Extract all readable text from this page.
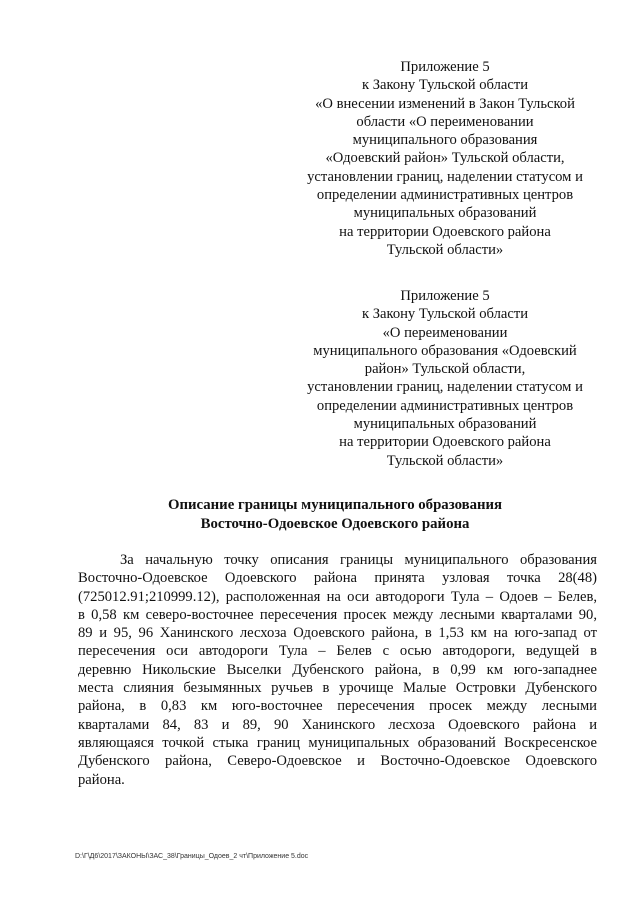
Приложение 5
к Закону Тульской области
«О внесении изменений в Закон Тульской
области «О переименовании
муниципального образования
«Одоевский район» Тульской области,
установлении границ, наделении статусом и
определении административных центров
муниципальных образований
на территории Одоевского района
Тульской области»
Приложение 5
к Закону Тульской области
«О переименовании
муниципального образования «Одоевский
район» Тульской области,
установлении границ, наделении статусом и
определении административных центров
муниципальных образований
на территории Одоевского района
Тульской области»
Описание границы муниципального образования
Восточно-Одоевское Одоевского района
За начальную точку описания границы муниципального образования
Восточно-Одоевское Одоевского района принята узловая точка 28(48)
(725012.91;210999.12), расположенная на оси автодороги Тула – Одоев – Белев,
в 0,58 км северо-восточнее пересечения просек между лесными кварталами 90,
89 и 95, 96 Ханинского лесхоза Одоевского района, в 1,53 км на юго-запад от
пересечения оси автодороги Тула – Белев с осью автодороги, ведущей в
деревню Никольские Выселки Дубенского района, в 0,99 км юго-западнее
места слияния безымянных ручьев в урочище Малые Островки Дубенского
района, в 0,83 км юго-восточнее пересечения просек между лесными
кварталами 84, 83 и 89, 90 Ханинского лесхоза Одоевского района и
являющаяся точкой стыка границ муниципальных образований Воскресенское
Дубенского района, Северо-Одоевское и Восточно-Одоевское Одоевского
района.
D:\Г\Д6\2017\ЗАКОНЫ\ЗАС_38\Границы_Одоев_2 чт\Приложение 5.doc
